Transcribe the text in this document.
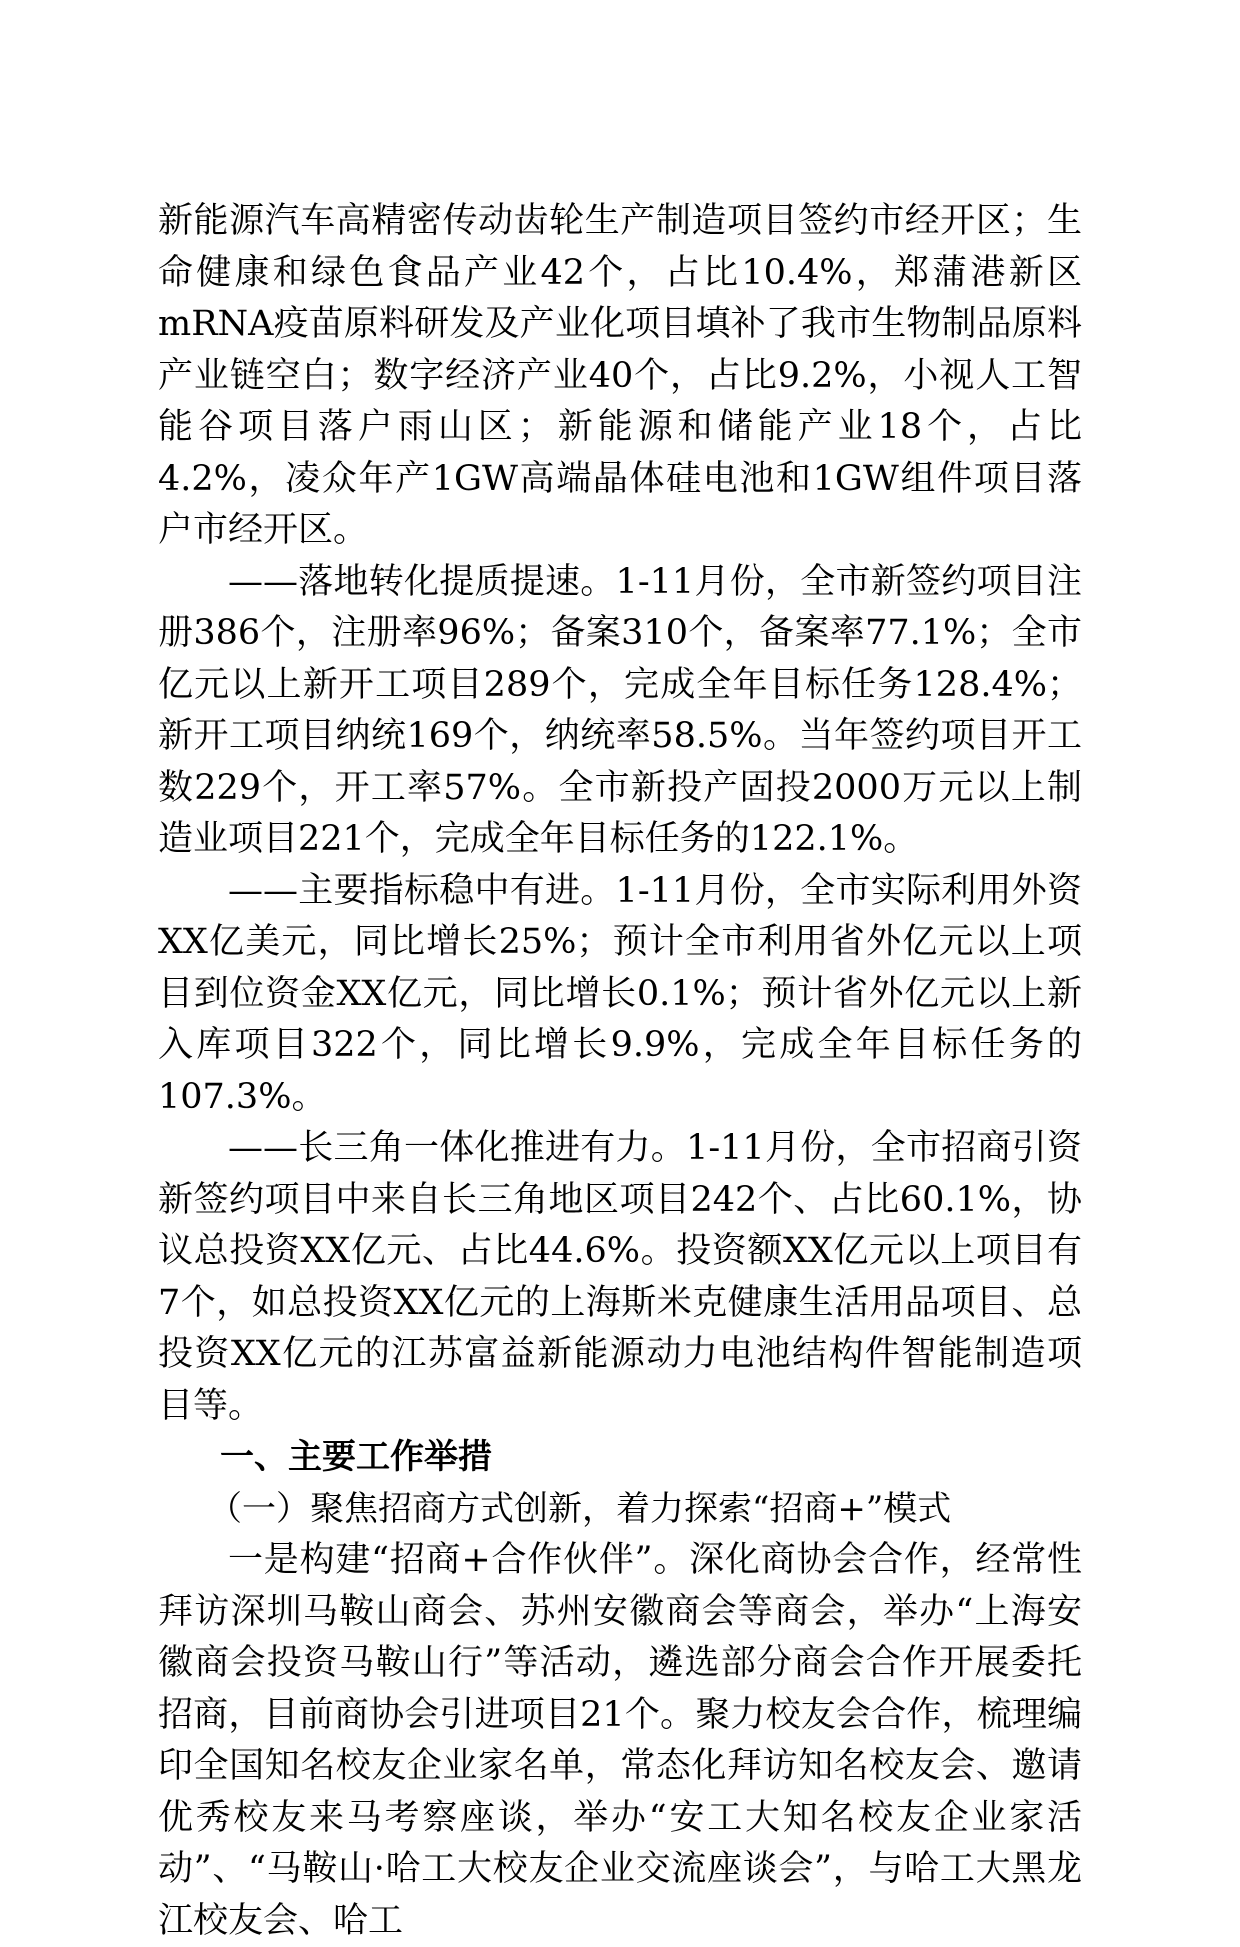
新能源汽车高精密传动齿轮生产制造项目签约市经开区；生命健康和绿色食品产业42个，占比10.4%，郑蒲港新区mRNA疫苗原料研发及产业化项目填补了我市生物制品原料产业链空白；数字经济产业40个，占比9.2%，小视人工智能谷项目落户雨山区；新能源和储能产业18个，占比4.2%，凌众年产1GW高端晶体硅电池和1GW组件项目落户市经开区。

——落地转化提质提速。1-11月份，全市新签约项目注册386个，注册率96%；备案310个，备案率77.1%；全市亿元以上新开工项目289个，完成全年目标任务128.4%；新开工项目纳统169个，纳统率58.5%。当年签约项目开工数229个，开工率57%。全市新投产固投2000万元以上制造业项目221个，完成全年目标任务的122.1%。

——主要指标稳中有进。1-11月份，全市实际利用外资XX亿美元，同比增长25%；预计全市利用省外亿元以上项目到位资金XX亿元，同比增长0.1%；预计省外亿元以上新入库项目322个，同比增长9.9%，完成全年目标任务的107.3%。

——长三角一体化推进有力。1-11月份，全市招商引资新签约项目中来自长三角地区项目242个、占比60.1%，协议总投资XX亿元、占比44.6%。投资额XX亿元以上项目有7个，如总投资XX亿元的上海斯米克健康生活用品项目、总投资XX亿元的江苏富益新能源动力电池结构件智能制造项目等。

一、主要工作举措

（一）聚焦招商方式创新，着力探索“招商+”模式

一是构建“招商+合作伙伴”。深化商协会合作，经常性拜访深圳马鞍山商会、苏州安徽商会等商会，举办“上海安徽商会投资马鞍山行”等活动，遴选部分商会合作开展委托招商，目前商协会引进项目21个。聚力校友会合作，梳理编印全国知名校友企业家名单，常态化拜访知名校友会、邀请优秀校友来马考察座谈，举办“安工大知名校友企业家活动”、“马鞍山·哈工大校友企业交流座谈会”，与哈工大黑龙江校友会、哈工
